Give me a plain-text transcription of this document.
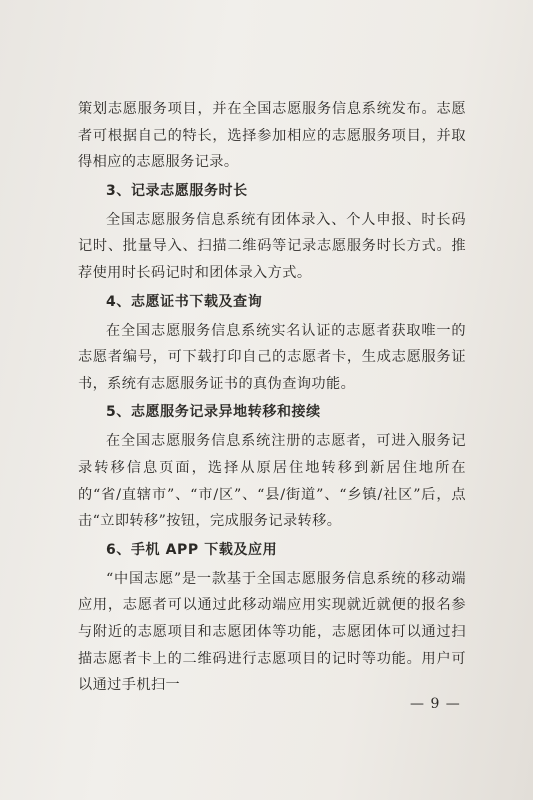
策划志愿服务项目，并在全国志愿服务信息系统发布。志愿者可根据自己的特长，选择参加相应的志愿服务项目，并取得相应的志愿服务记录。

3、记录志愿服务时长

全国志愿服务信息系统有团体录入、个人申报、时长码记时、批量导入、扫描二维码等记录志愿服务时长方式。推荐使用时长码记时和团体录入方式。

4、志愿证书下载及查询

在全国志愿服务信息系统实名认证的志愿者获取唯一的志愿者编号，可下载打印自己的志愿者卡，生成志愿服务证书，系统有志愿服务证书的真伪查询功能。

5、志愿服务记录异地转移和接续

在全国志愿服务信息系统注册的志愿者，可进入服务记录转移信息页面，选择从原居住地转移到新居住地所在的“省/直辖市”、“市/区”、“县/街道”、“乡镇/社区”后，点击“立即转移”按钮，完成服务记录转移。

6、手机 APP 下载及应用

“中国志愿”是一款基于全国志愿服务信息系统的移动端应用，志愿者可以通过此移动端应用实现就近就便的报名参与附近的志愿项目和志愿团体等功能，志愿团体可以通过扫描志愿者卡上的二维码进行志愿项目的记时等功能。用户可以通过手机扫一

— 9 —
